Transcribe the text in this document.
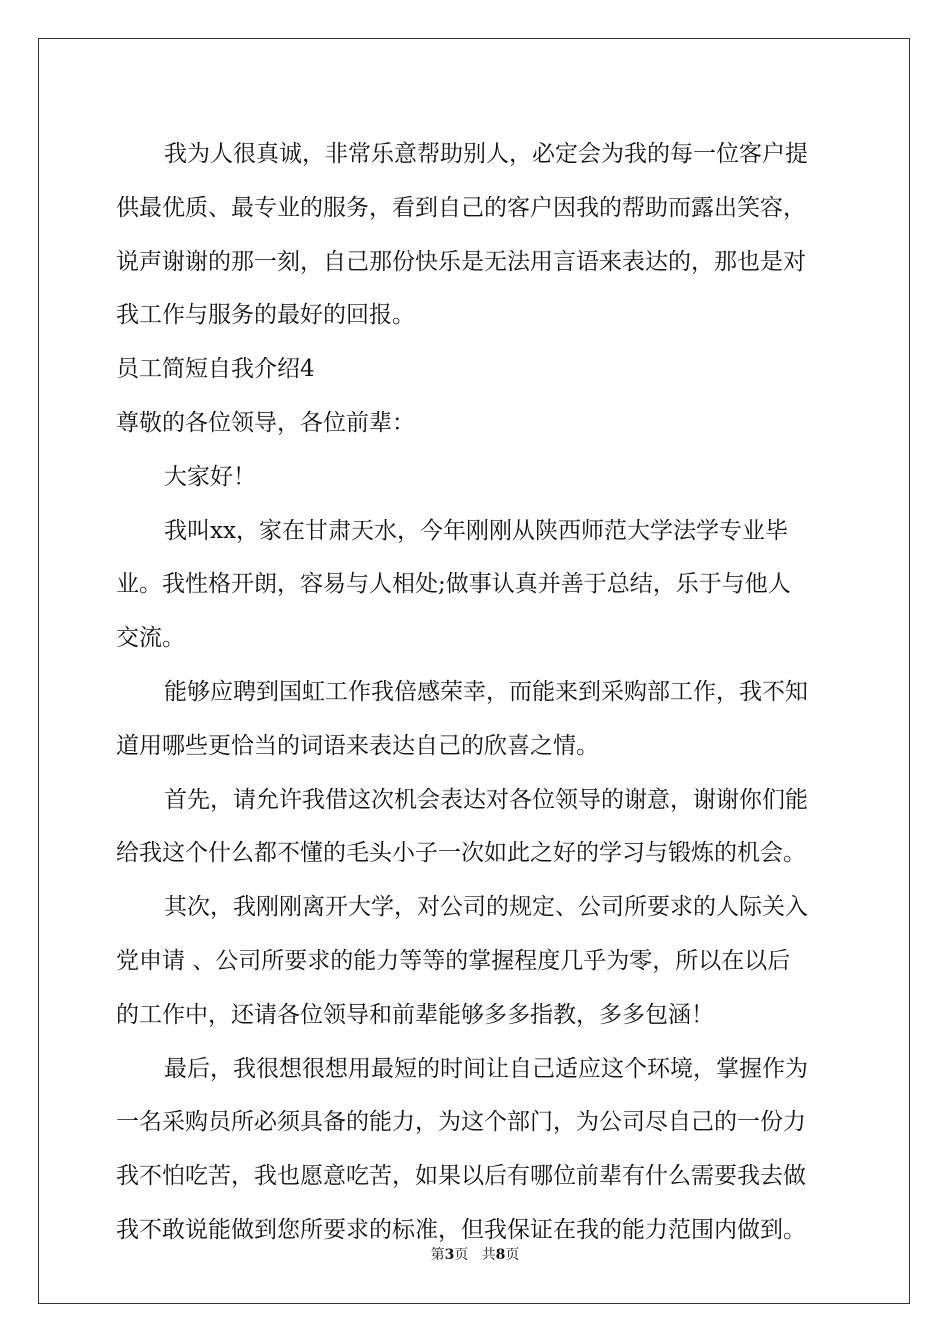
我为人很真诚，非常乐意帮助别人，必定会为我的每一位客户提
供最优质、最专业的服务，看到自己的客户因我的帮助而露出笑容，
说声谢谢的那一刻，自己那份快乐是无法用言语来表达的，那也是对
我工作与服务的最好的回报。
员工简短自我介绍4
尊敬的各位领导，各位前辈：
大家好！
我叫xx，家在甘肃天水，今年刚刚从陕西师范大学法学专业毕
业。我性格开朗，容易与人相处;做事认真并善于总结，乐于与他人
交流。
能够应聘到国虹工作我倍感荣幸，而能来到采购部工作，我不知
道用哪些更恰当的词语来表达自己的欣喜之情。
首先，请允许我借这次机会表达对各位领导的谢意，谢谢你们能
给我这个什么都不懂的毛头小子一次如此之好的学习与锻炼的机会。
其次，我刚刚离开大学，对公司的规定、公司所要求的人际关入
党申请 、公司所要求的能力等等的掌握程度几乎为零，所以在以后
的工作中，还请各位领导和前辈能够多多指教，多多包涵！
最后，我很想很想用最短的时间让自己适应这个环境，掌握作为
一名采购员所必须具备的能力，为这个部门，为公司尽自己的一份力
我不怕吃苦，我也愿意吃苦，如果以后有哪位前辈有什么需要我去做
我不敢说能做到您所要求的标准，但我保证在我的能力范围内做到。
第3页 共8页
